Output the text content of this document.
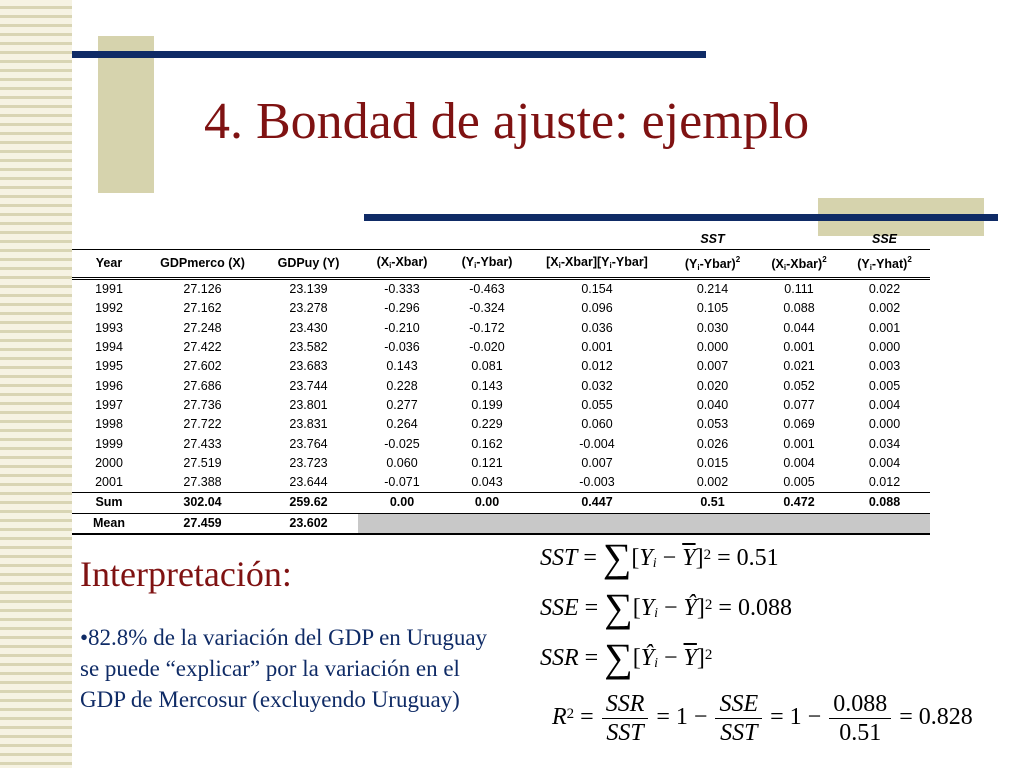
4. Bondad de ajuste: ejemplo
						SST		SSE
Year	GDPmerco (X)	GDPuy (Y)	$(X_i-Xbar)$	$(Y_i-Ybar)$	$[X_i-Xbar][Y_i-Ybar]$	$(Y_i-Ybar)^2$	$(X_i-Xbar)^2$	$(Y_i-Yhat)^2$
1991	27.126	23.139	-0.333	-0.463	0.154	0.214	0.111	0.022
1992	27.162	23.278	-0.296	-0.324	0.096	0.105	0.088	0.002
1993	27.248	23.430	-0.210	-0.172	0.036	0.030	0.044	0.001
1994	27.422	23.582	-0.036	-0.020	0.001	0.000	0.001	0.000
1995	27.602	23.683	0.143	0.081	0.012	0.007	0.021	0.003
1996	27.686	23.744	0.228	0.143	0.032	0.020	0.052	0.005
1997	27.736	23.801	0.277	0.199	0.055	0.040	0.077	0.004
1998	27.722	23.831	0.264	0.229	0.060	0.053	0.069	0.000
1999	27.433	23.764	-0.025	0.162	-0.004	0.026	0.001	0.034
2000	27.519	23.723	0.060	0.121	0.007	0.015	0.004	0.004
2001	27.388	23.644	-0.071	0.043	-0.003	0.002	0.005	0.012
Sum	302.04	259.62	0.00	0.00	0.447	0.51	0.472	0.088
Mean	27.459	23.602						
Interpretación:
•82.8% de la variación del GDP en Uruguay se puede “explicar” por la variación en el GDP de Mercosur (excluyendo Uruguay)
SST = $\sum[Y_i - \overline{Y}]^2 = 0.51$
SSE = $\sum[Y_i$ − Ŷ]$^2$ = 0.088
SSR = $\sum[Ŷ_i - \overline{Y}]^2$
$R^2 = \frac{\text{SSR}}{\text{SST}} = 1 - \frac{\text{SSE}}{\text{SST}} = 1 - \frac{0.088}{0.51} = 0.828$
